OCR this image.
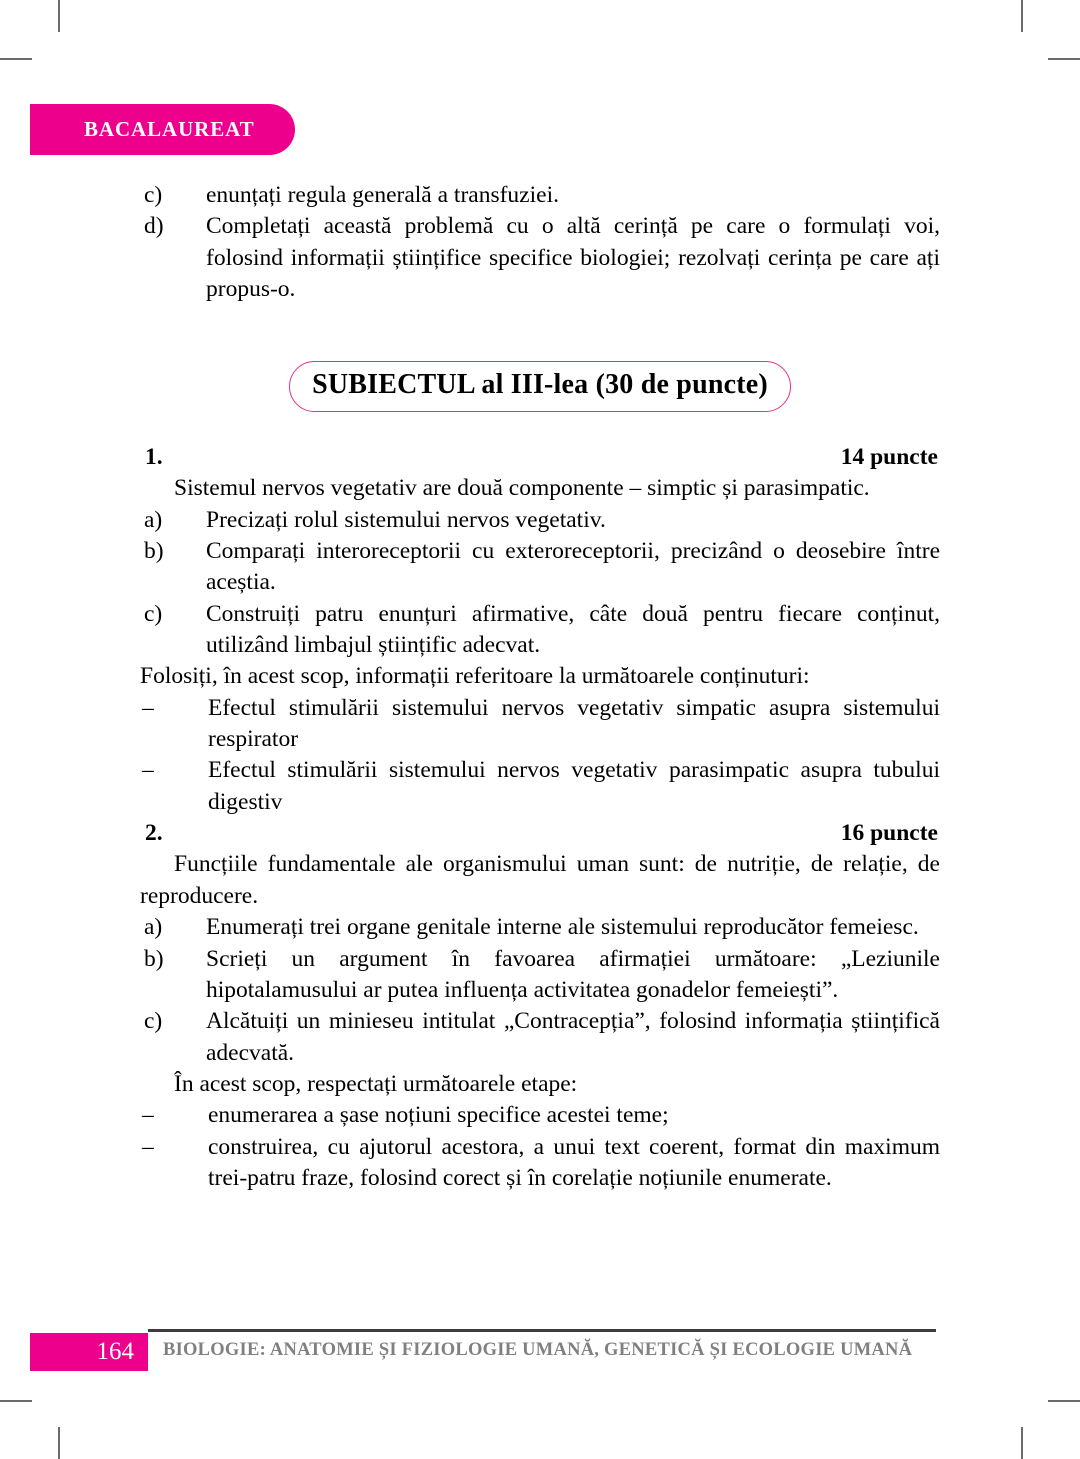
BACALAUREAT

c) enunțați regula generală a transfuziei.

d) Completați această problemă cu o altă cerință pe care o formulați voi, folosind informații științifice specifice biologiei; rezolvați cerința pe care ați propus-o.

SUBIECTUL al III-lea (30 de puncte)

1.	14 puncte

Sistemul nervos vegetativ are două componente – simptic și parasimpatic.

a) Precizați rolul sistemului nervos vegetativ.

b) Comparați interoreceptorii cu exteroreceptorii, precizând o deosebire între aceștia.

c) Construiți patru enunțuri afirmative, câte două pentru fiecare conținut, utilizând limbajul științific adecvat.

Folosiți, în acest scop, informații referitoare la următoarele conținuturi:

– Efectul stimulării sistemului nervos vegetativ simpatic asupra sistemului respirator

– Efectul stimulării sistemului nervos vegetativ parasimpatic asupra tubului digestiv

2.	16 puncte

Funcțiile fundamentale ale organismului uman sunt: de nutriție, de relație, de reproducere.

a) Enumerați trei organe genitale interne ale sistemului reproducător femeiesc.

b) Scrieți un argument în favoarea afirmației următoare: „Leziunile hipotalamusului ar putea influența activitatea gonadelor femeiești”.

c) Alcătuiți un minieseu intitulat „Contracepția”, folosind informația științifică adecvată.

În acest scop, respectați următoarele etape:

– enumerarea a șase noțiuni specifice acestei teme;

– construirea, cu ajutorul acestora, a unui text coerent, format din maximum trei-patru fraze, folosind corect și în corelație noțiunile enumerate.

164	BIOLOGIE: ANATOMIE ȘI FIZIOLOGIE UMANĂ, GENETICĂ ȘI ECOLOGIE UMANĂ
